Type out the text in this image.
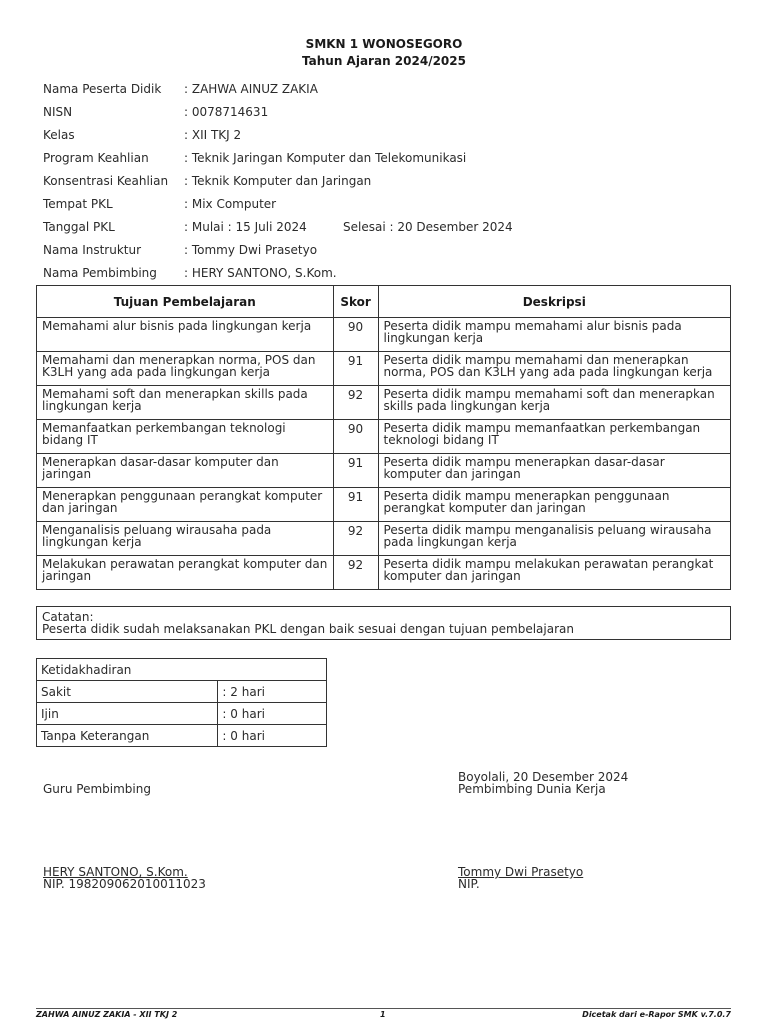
SMKN 1 WONOSEGORO
Tahun Ajaran 2024/2025
Nama Peserta Didik : ZAHWA AINUZ ZAKIA
NISN	: 0078714631
Kelas	: XII TKJ 2
Program Keahlian	: Teknik Jaringan Komputer dan Telekomunikasi
Konsentrasi Keahlian : Teknik Komputer dan Jaringan
Tempat PKL	: Mix Computer
Tanggal PKL	: Mulai : 15 Juli 2024	Selesai : 20 Desember 2024
Nama Instruktur	: Tommy Dwi Prasetyo
Nama Pembimbing : HERY SANTONO, S.Kom.
Tujuan Pembelajaran	Skor	Deskripsi
Memahami alur bisnis pada lingkungan kerja	90	Peserta didik mampu memahami alur bisnis pada lingkungan kerja
Memahami dan menerapkan norma, POS dan K3LH yang ada pada lingkungan kerja	91	Peserta didik mampu memahami dan menerapkan norma, POS dan K3LH yang ada pada lingkungan kerja
Memahami soft dan menerapkan skills pada lingkungan kerja	92	Peserta didik mampu memahami soft dan menerapkan skills pada lingkungan kerja
Memanfaatkan perkembangan teknologi bidang IT	90	Peserta didik mampu memanfaatkan perkembangan teknologi bidang IT
Menerapkan dasar-dasar komputer dan jaringan	91	Peserta didik mampu menerapkan dasar-dasar komputer dan jaringan
Menerapkan penggunaan perangkat komputer dan jaringan	91	Peserta didik mampu menerapkan penggunaan perangkat komputer dan jaringan
Menganalisis peluang wirausaha pada lingkungan kerja	92	Peserta didik mampu menganalisis peluang wirausaha pada lingkungan kerja
Melakukan perawatan perangkat komputer dan jaringan	92	Peserta didik mampu melakukan perawatan perangkat komputer dan jaringan
Catatan:
Peserta didik sudah melaksanakan PKL dengan baik sesuai dengan tujuan pembelajaran
Ketidakhadiran	
Sakit	: 2 hari
Ijin	: 0 hari
Tanpa Keterangan	: 0 hari
Guru Pembimbing
HERY SANTONO, S.Kom.
NIP. 198209062010011023
Boyolali, 20 Desember 2024
Pembimbing Dunia Kerja
Tommy Dwi Prasetyo
NIP.
ZAHWA AINUZ ZAKIA - XII TKJ 2	1	Dicetak dari e-Rapor SMK v.7.0.7
